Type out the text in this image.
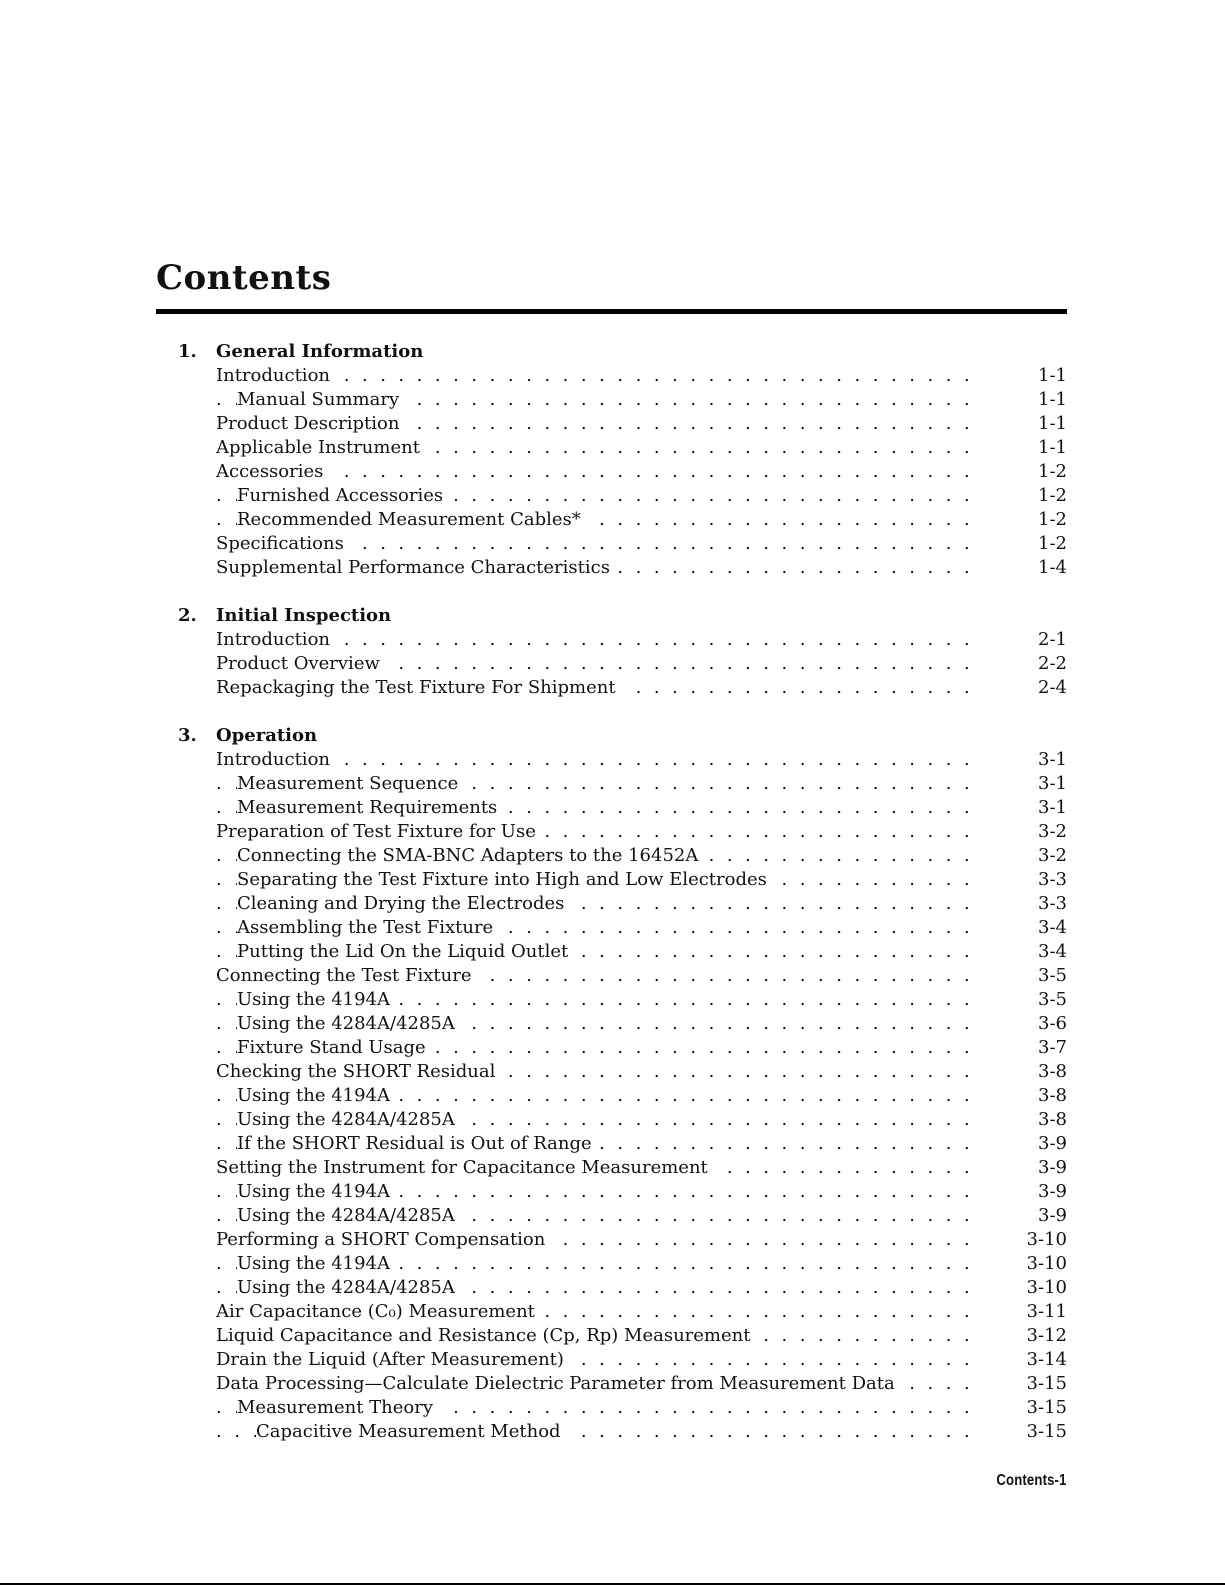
Contents
1. General Information
. . .
Introduction	1-1
. . .
Manual Summary	1-1
. . .
Product Description	1-1
. . .
Applicable Instrument	1-1
. . .
Accessories	1-2
. . .
Furnished Accessories	1-2
. . .
Recommended Measurement Cables*	1-2
. . .
Specifications	1-2
. . .
Supplemental Performance Characteristics	1-4
2. Initial Inspection
. . .
Introduction	2-1
. . .
Product Overview	2-2
. . .
Repackaging the Test Fixture For Shipment	2-4
3. Operation
. . .
Introduction	3-1
. . .
Measurement Sequence	3-1
. . .
Measurement Requirements	3-1
. . .
Preparation of Test Fixture for Use	3-2
. . .
Connecting the SMA-BNC Adapters to the 16452A	3-2
. . .
Separating the Test Fixture into High and Low Electrodes	3-3
. . .
Cleaning and Drying the Electrodes	3-3
. . .
Assembling the Test Fixture	3-4
. . .
Putting the Lid On the Liquid Outlet	3-4
. . .
Connecting the Test Fixture	3-5
. . .
Using the 4194A	3-5
. . .
Using the 4284A/4285A	3-6
. . .
Fixture Stand Usage	3-7
. . .
Checking the SHORT Residual	3-8
. . .
Using the 4194A	3-8
. . .
Using the 4284A/4285A	3-8
. . .
If the SHORT Residual is Out of Range	3-9
. . .
Setting the Instrument for Capacitance Measurement	3-9
. . .
Using the 4194A	3-9
. . .
Using the 4284A/4285A	3-9
. . .
Performing a SHORT Compensation	3-10
. . .
Using the 4194A	3-10
. . .
Using the 4284A/4285A	3-10
. . .
Air Capacitance (C₀) Measurement	3-11
. . .
Liquid Capacitance and Resistance (Cp, Rp) Measurement	3-12
. . .
Drain the Liquid (After Measurement)	3-14
. . .
Data Processing—Calculate Dielectric Parameter from Measurement Data	3-15
. . .
Measurement Theory	3-15
. . .
Capacitive Measurement Method	3-15
Contents-1
